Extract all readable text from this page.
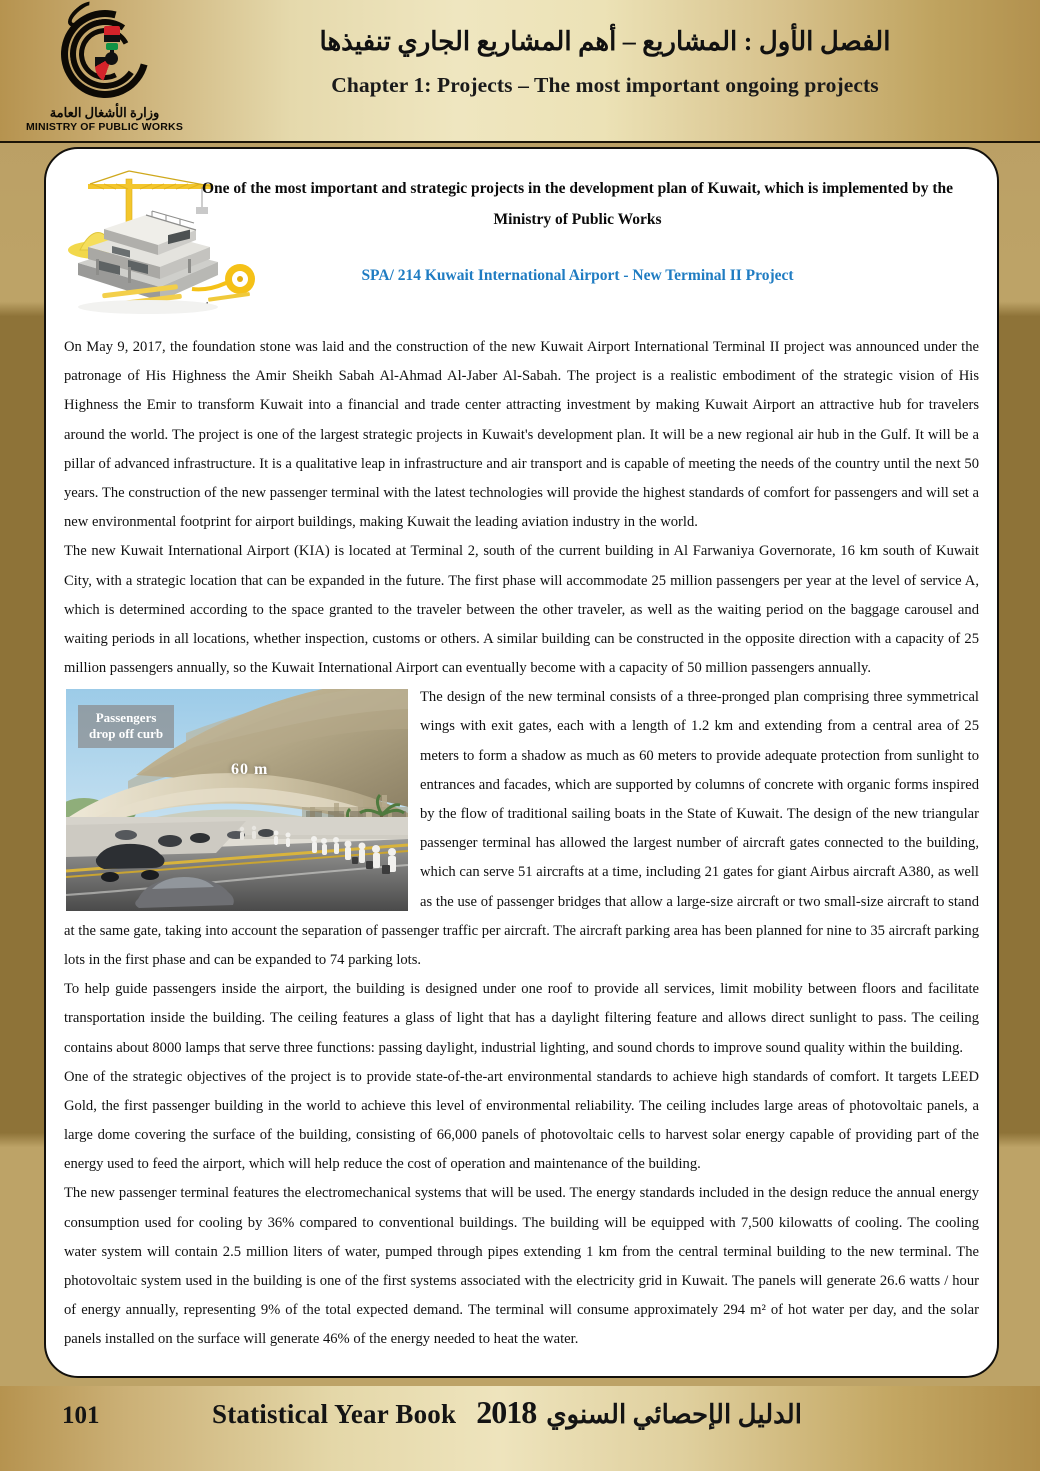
وزارة الأشغال العامة
MINISTRY OF PUBLIC WORKS
الفصل الأول : المشاريع – أهم المشاريع الجاري تنفيذها
Chapter 1: Projects – The most important ongoing projects
One of the most important and strategic projects in the development plan of Kuwait, which is implemented by the Ministry of Public Works
SPA/ 214 Kuwait International Airport - New Terminal II Project

On May 9, 2017, the foundation stone was laid and the construction of the new Kuwait Airport International Terminal II project was announced under the patronage of His Highness the Amir Sheikh Sabah Al-Ahmad Al-Jaber Al-Sabah. The project is a realistic embodiment of the strategic vision of His Highness the Emir to transform Kuwait into a financial and trade center attracting investment by making Kuwait Airport an attractive hub for travelers around the world. The project is one of the largest strategic projects in Kuwait's development plan. It will be a new regional air hub in the Gulf. It will be a pillar of advanced infrastructure. It is a qualitative leap in infrastructure and air transport and is capable of meeting the needs of the country until the next 50 years. The construction of the new passenger terminal with the latest technologies will provide the highest standards of comfort for passengers and will set a new environmental footprint for airport buildings, making Kuwait the leading aviation industry in the world.

The new Kuwait International Airport (KIA) is located at Terminal 2, south of the current building in Al Farwaniya Governorate, 16 km south of Kuwait City, with a strategic location that can be expanded in the future. The first phase will accommodate 25 million passengers per year at the level of service A, which is determined according to the space granted to the traveler between the other traveler, as well as the waiting period on the baggage carousel and waiting periods in all locations, whether inspection, customs or others. A similar building can be constructed in the opposite direction with a capacity of 25 million passengers annually, so the Kuwait International Airport can eventually become with a capacity of 50 million passengers annually.

Passengers
drop off curb
60 m

The design of the new terminal consists of a three-pronged plan comprising three symmetrical wings with exit gates, each with a length of 1.2 km and extending from a central area of 25 meters to form a shadow as much as 60 meters to provide adequate protection from sunlight to entrances and facades, which are supported by columns of concrete with organic forms inspired by the flow of traditional sailing boats in the State of Kuwait. The design of the new triangular passenger terminal has allowed the largest number of aircraft gates connected to the building, which can serve 51 aircrafts at a time, including 21 gates for giant Airbus aircraft A380, as well as the use of passenger bridges that allow a large-size aircraft or two small-size aircraft to stand at the same gate, taking into account the separation of passenger traffic per aircraft. The aircraft parking area has been planned for nine to 35 aircraft parking lots in the first phase and can be expanded to 74 parking lots.

To help guide passengers inside the airport, the building is designed under one roof to provide all services, limit mobility between floors and facilitate transportation inside the building. The ceiling features a glass of light that has a daylight filtering feature and allows direct sunlight to pass. The ceiling contains about 8000 lamps that serve three functions: passing daylight, industrial lighting, and sound chords to improve sound quality within the building.

One of the strategic objectives of the project is to provide state-of-the-art environmental standards to achieve high standards of comfort. It targets LEED Gold, the first passenger building in the world to achieve this level of environmental reliability. The ceiling includes large areas of photovoltaic panels, a large dome covering the surface of the building, consisting of 66,000 panels of photovoltaic cells to harvest solar energy capable of providing part of the energy used to feed the airport, which will help reduce the cost of operation and maintenance of the building.

The new passenger terminal features the electromechanical systems that will be used. The energy standards included in the design reduce the annual energy consumption used for cooling by 36% compared to conventional buildings. The building will be equipped with 7,500 kilowatts of cooling. The cooling water system will contain 2.5 million liters of water, pumped through pipes extending 1 km from the central terminal building to the new terminal. The photovoltaic system used in the building is one of the first systems associated with the electricity grid in Kuwait. The panels will generate 26.6 watts / hour of energy annually, representing 9% of the total expected demand. The terminal will consume approximately 294 m² of hot water per day, and the solar panels installed on the surface will generate 46% of the energy needed to heat the water.

101	Statistical Year Book 2018 الدليل الإحصائي السنوي
